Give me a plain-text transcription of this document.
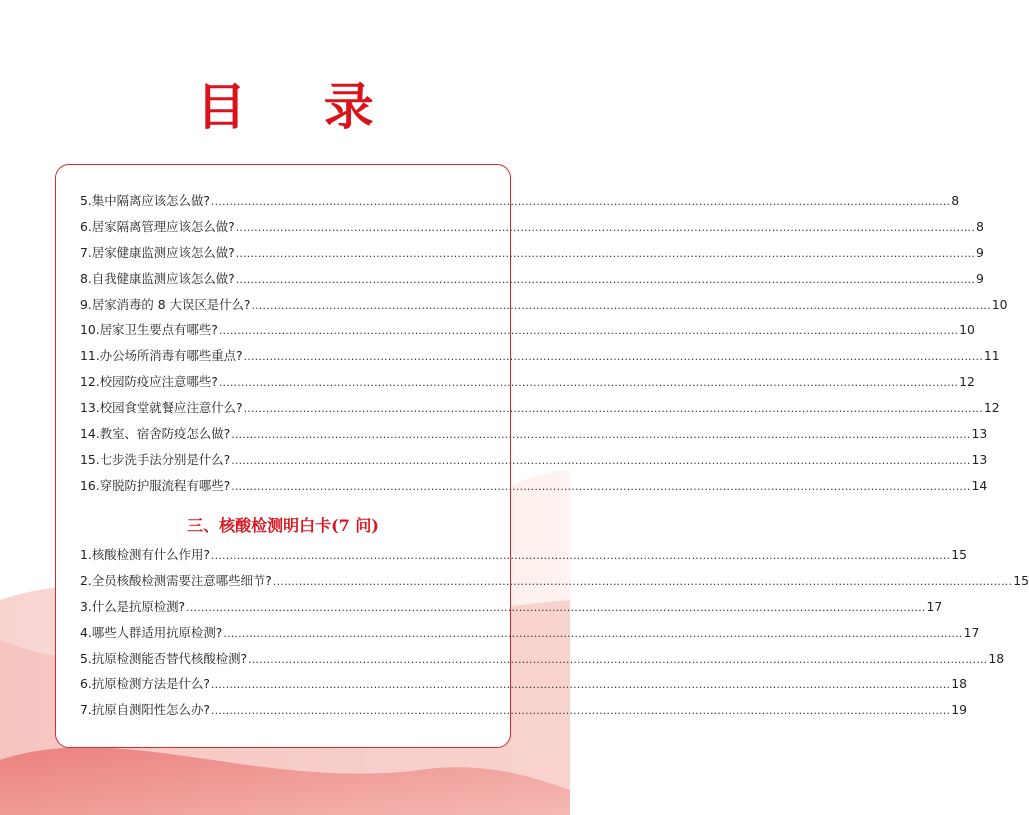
目 录
5.集中隔离应该怎么做? ........................................................................................................................................................................................................ 8
6.居家隔离管理应该怎么做? ........................................................................................................................................................................................................ 8
7.居家健康监测应该怎么做? ........................................................................................................................................................................................................ 9
8.自我健康监测应该怎么做? ........................................................................................................................................................................................................ 9
9.居家消毒的 8 大误区是什么? ........................................................................................................................................................................................................ 10
10.居家卫生要点有哪些? ........................................................................................................................................................................................................ 10
11.办公场所消毒有哪些重点? ........................................................................................................................................................................................................ 11
12.校园防疫应注意哪些? ........................................................................................................................................................................................................ 12
13.校园食堂就餐应注意什么? ........................................................................................................................................................................................................ 12
14.教室、宿舍防疫怎么做? ........................................................................................................................................................................................................ 13
15.七步洗手法分别是什么? ........................................................................................................................................................................................................ 13
16.穿脱防护服流程有哪些? ........................................................................................................................................................................................................ 14
三、核酸检测明白卡(7 问)
1.核酸检测有什么作用? ........................................................................................................................................................................................................ 15
2.全员核酸检测需要注意哪些细节? ........................................................................................................................................................................................................ 15
3.什么是抗原检测? ........................................................................................................................................................................................................ 17
4.哪些人群适用抗原检测? ........................................................................................................................................................................................................ 17
5.抗原检测能否替代核酸检测? ........................................................................................................................................................................................................ 18
6.抗原检测方法是什么? ........................................................................................................................................................................................................ 18
7.抗原自测阳性怎么办? ........................................................................................................................................................................................................ 19
